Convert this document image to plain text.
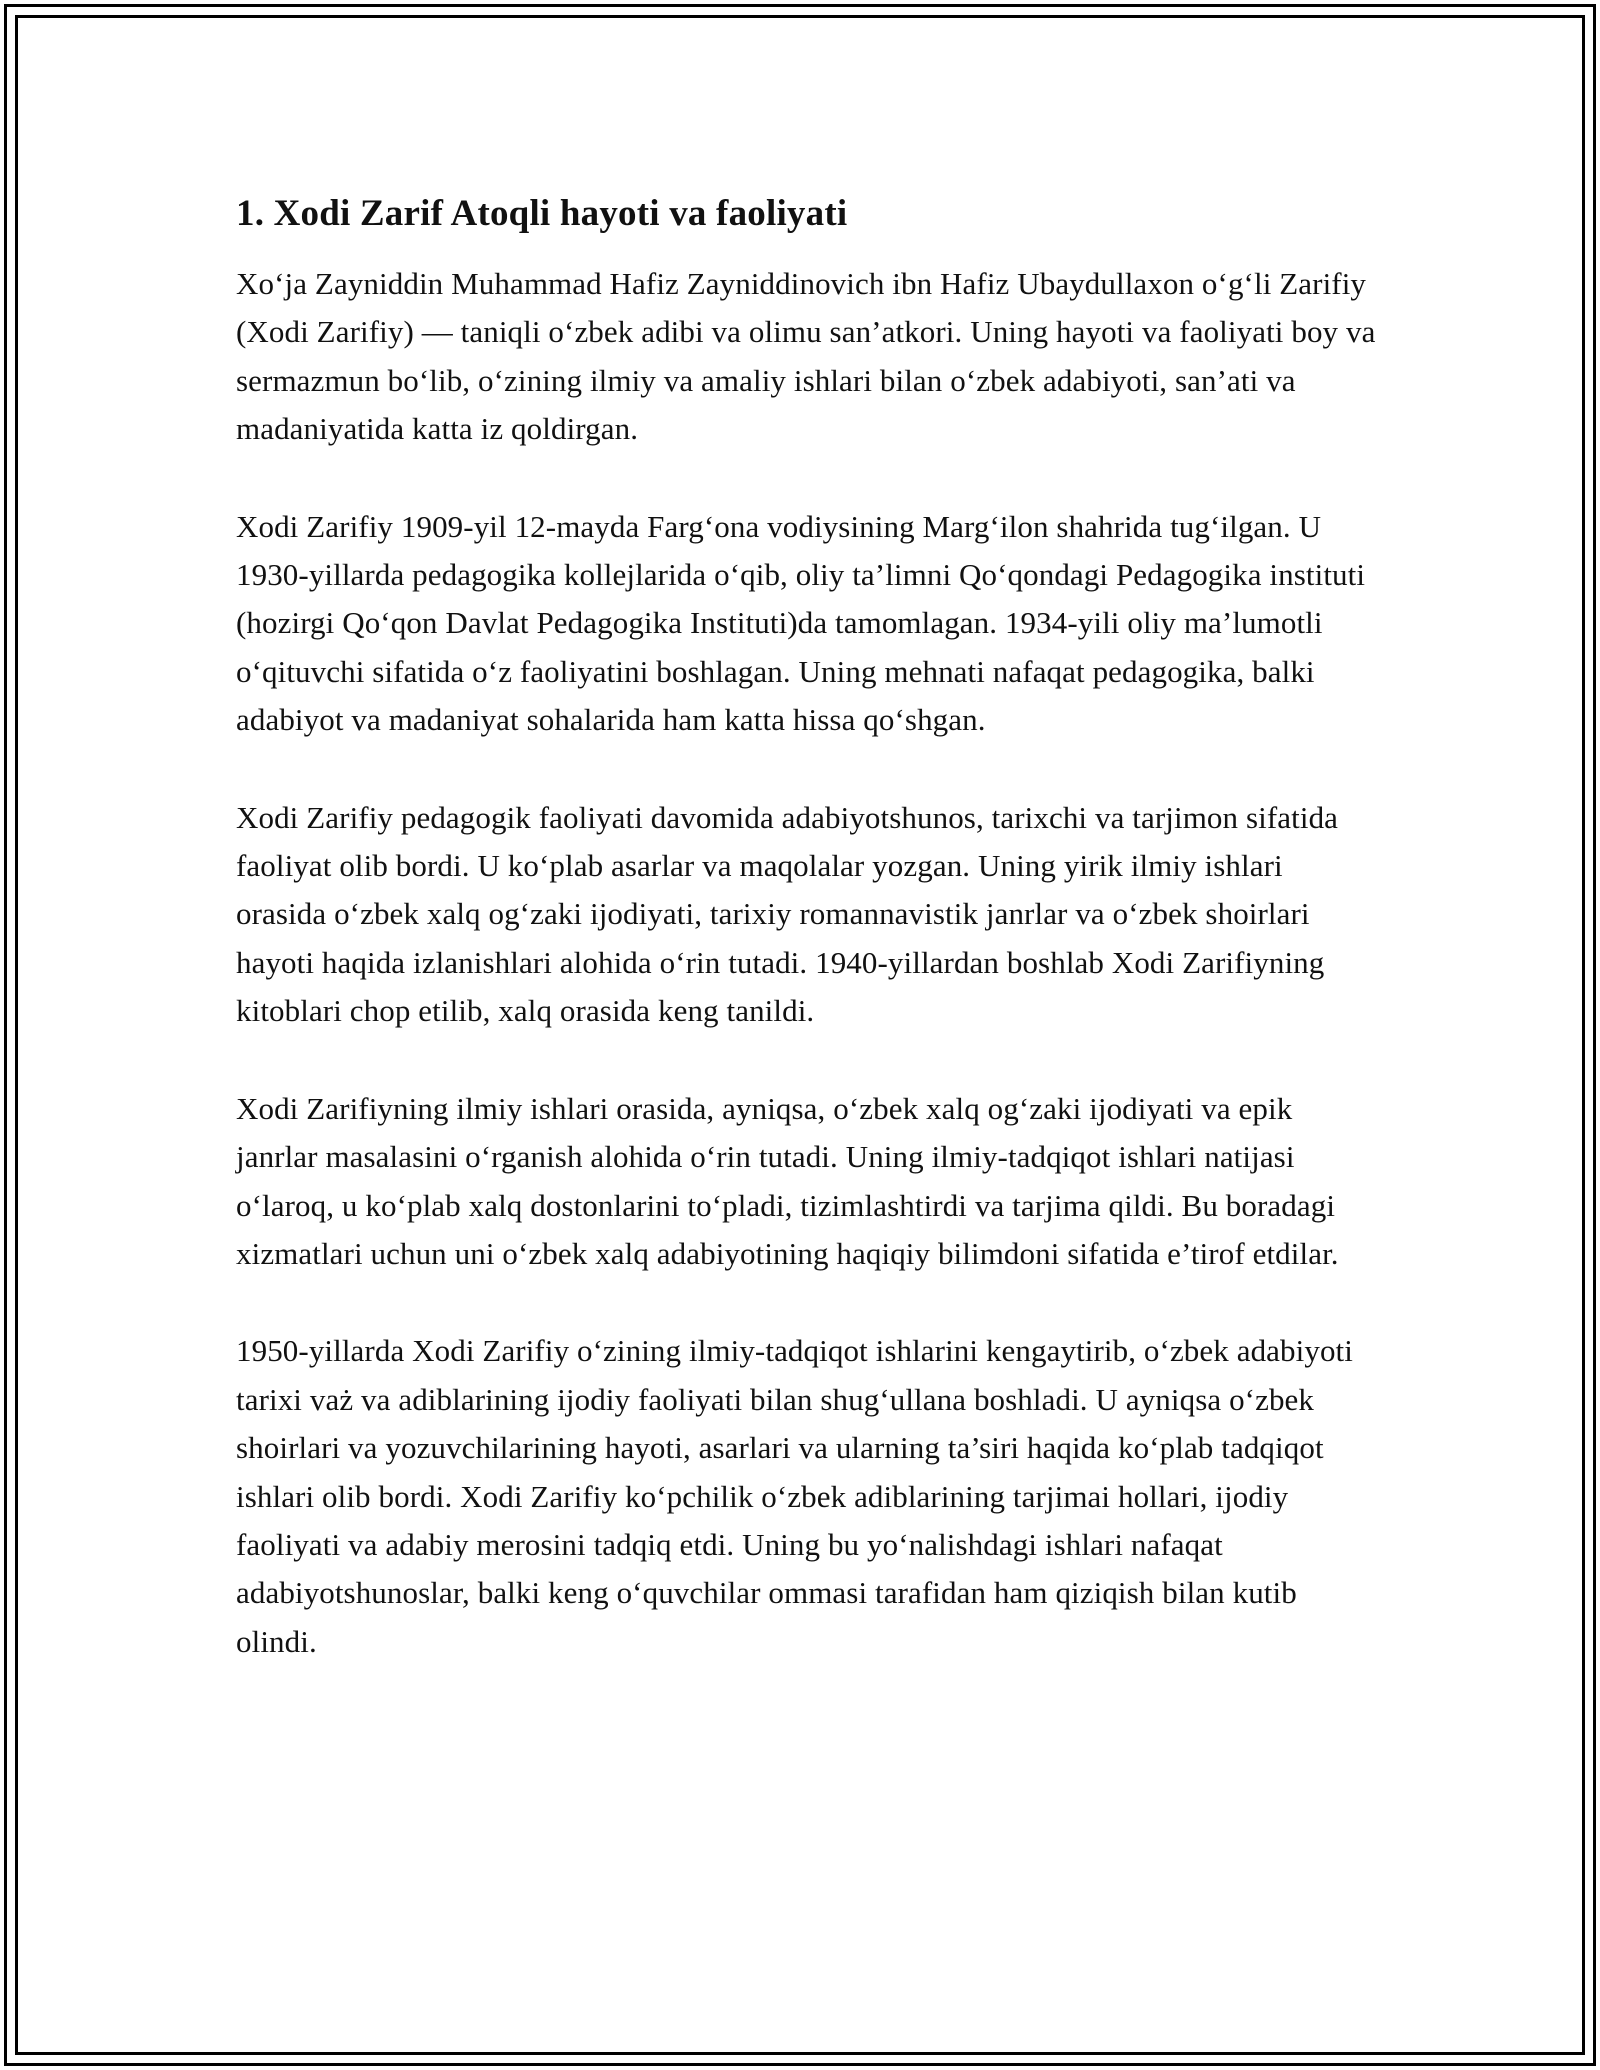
1. Xodi Zarif Atoqli hayoti va faoliyati

Xo‘ja Zayniddin Muhammad Hafiz Zayniddinovich ibn Hafiz Ubaydullaxon o‘g‘li Zarifiy (Xodi Zarifiy) — taniqli o‘zbek adibi va olimu san’atkori. Uning hayoti va faoliyati boy va sermazmun bo‘lib, o‘zining ilmiy va amaliy ishlari bilan o‘zbek adabiyoti, san’ati va madaniyatida katta iz qoldirgan.

Xodi Zarifiy 1909-yil 12-mayda Farg‘ona vodiysining Marg‘ilon shahrida tug‘ilgan. U 1930-yillarda pedagogika kollejlarida o‘qib, oliy ta’limni Qo‘qondagi Pedagogika instituti (hozirgi Qo‘qon Davlat Pedagogika Instituti)da tamomlagan. 1934-yili oliy ma’lumotli o‘qituvchi sifatida o‘z faoliyatini boshlagan. Uning mehnati nafaqat pedagogika, balki adabiyot va madaniyat sohalarida ham katta hissa qo‘shgan.

Xodi Zarifiy pedagogik faoliyati davomida adabiyotshunos, tarixchi va tarjimon sifatida faoliyat olib bordi. U ko‘plab asarlar va maqolalar yozgan. Uning yirik ilmiy ishlari orasida o‘zbek xalq og‘zaki ijodiyati, tarixiy romannavistik janrlar va o‘zbek shoirlari hayoti haqida izlanishlari alohida o‘rin tutadi. 1940-yillardan boshlab Xodi Zarifiyning kitoblari chop etilib, xalq orasida keng tanildi.

Xodi Zarifiyning ilmiy ishlari orasida, ayniqsa, o‘zbek xalq og‘zaki ijodiyati va epik janrlar masalasini o‘rganish alohida o‘rin tutadi. Uning ilmiy-tadqiqot ishlari natijasi o‘laroq, u ko‘plab xalq dostonlarini to‘pladi, tizimlashtirdi va tarjima qildi. Bu boradagi xizmatlari uchun uni o‘zbek xalq adabiyotining haqiqiy bilimdoni sifatida e’tirof etdilar.

1950-yillarda Xodi Zarifiy o‘zining ilmiy-tadqiqot ishlarini kengaytirib, o‘zbek adabiyoti tarixi vaż va adiblarining ijodiy faoliyati bilan shug‘ullana boshladi. U ayniqsa o‘zbek shoirlari va yozuvchilarining hayoti, asarlari va ularning ta’siri haqida ko‘plab tadqiqot ishlari olib bordi. Xodi Zarifiy ko‘pchilik o‘zbek adiblarining tarjimai hollari, ijodiy faoliyati va adabiy merosini tadqiq etdi. Uning bu yo‘nalishdagi ishlari nafaqat adabiyotshunoslar, balki keng o‘quvchilar ommasi tarafidan ham qiziqish bilan kutib olindi.
